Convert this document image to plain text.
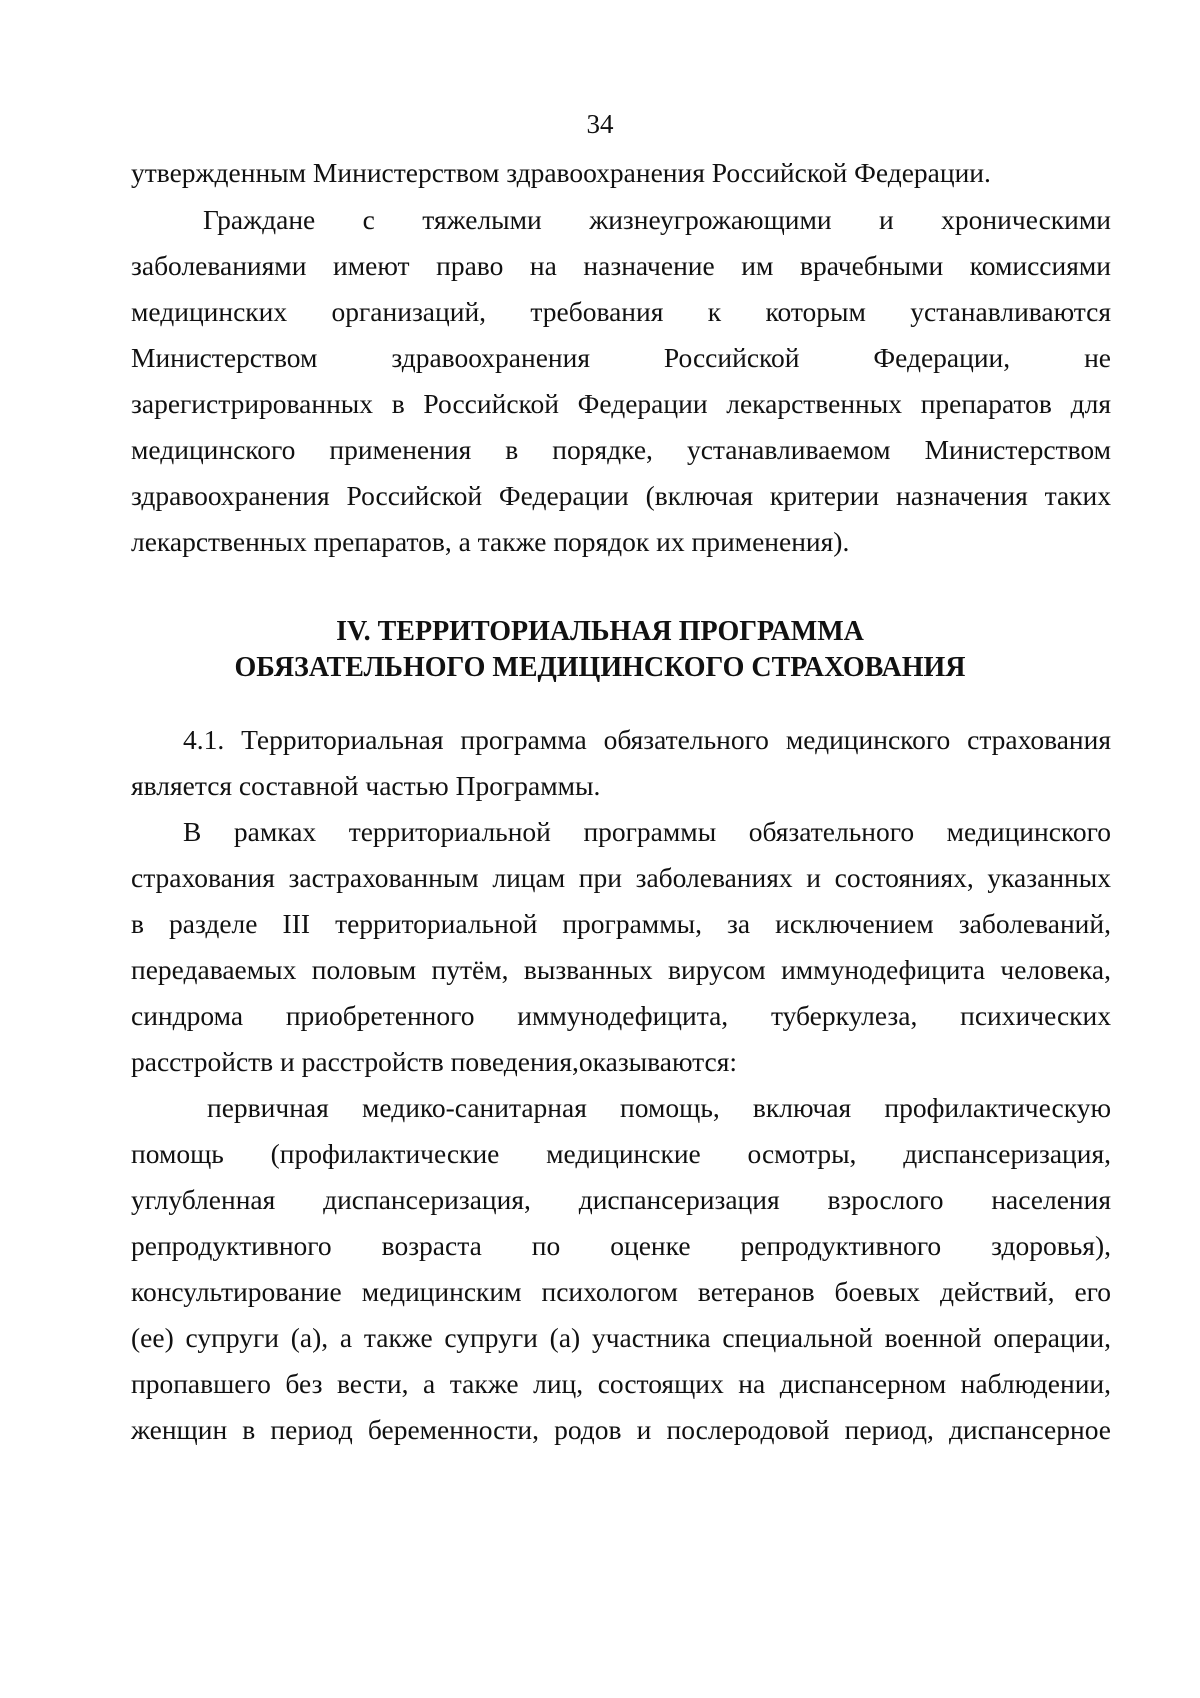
34
утвержденным Министерством здравоохранения Российской Федерации.
Граждане с тяжелыми жизнеугрожающими и хроническими
заболеваниями имеют право на назначение им врачебными комиссиями
медицинских организаций, требования к которым устанавливаются
Министерством здравоохранения Российской Федерации, не
зарегистрированных в Российской Федерации лекарственных препаратов для
медицинского применения в порядке, устанавливаемом Министерством
здравоохранения Российской Федерации (включая критерии назначения таких
лекарственных препаратов, а также порядок их применения).
IV. ТЕРРИТОРИАЛЬНАЯ ПРОГРАММА
ОБЯЗАТЕЛЬНОГО МЕДИЦИНСКОГО СТРАХОВАНИЯ
4.1. Территориальная программа обязательного медицинского страхования
является составной частью Программы.
В рамках территориальной программы обязательного медицинского
страхования застрахованным лицам при заболеваниях и состояниях, указанных
в разделе III территориальной программы, за исключением заболеваний,
передаваемых половым путём, вызванных вирусом иммунодефицита человека,
синдрома приобретенного иммунодефицита, туберкулеза, психических
расстройств и расстройств поведения,оказываются:
первичная медико-санитарная помощь, включая профилактическую
помощь (профилактические медицинские осмотры, диспансеризация,
углубленная диспансеризация, диспансеризация взрослого населения
репродуктивного возраста по оценке репродуктивного здоровья),
консультирование медицинским психологом ветеранов боевых действий, его
(ее) супруги (а), а также супруги (а) участника специальной военной операции,
пропавшего без вести, а также лиц, состоящих на диспансерном наблюдении,
женщин в период беременности, родов и послеродовой период, диспансерное
